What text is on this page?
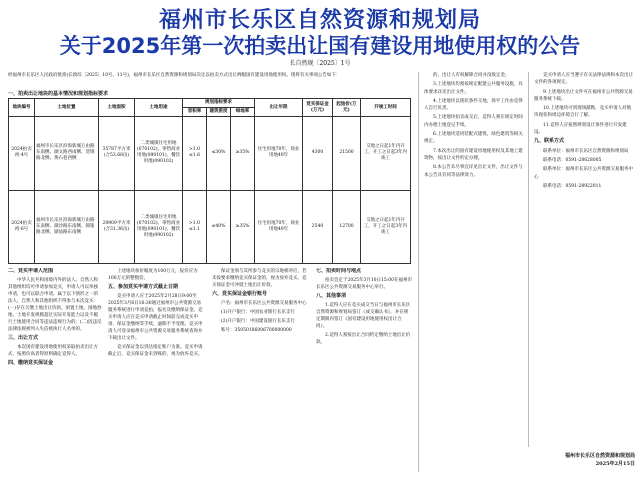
福州市长乐区自然资源和规划局
关于2025年第一次拍卖出让国有建设用地使用权的公告
长自然规〔2025〕1号
经福州市长乐区人民政府批准(长政综〔2025〕10号、11号)，福州市长乐区自然资源和规划局决定以拍卖方式出让两幅国有建设用地使用权。现将有关事项公告如下：
一、拍卖出让地块的基本情况和规划指标要求
地块编号	土地位置	土地面积	土地用途	规划指标要求			出让年限	竞买保证金(万元)	起始价(万元)	开竣工时间
				容积率	建筑密度	绿地率				
2024拍卖初-4号	福州市长乐区滨海新城万由路东南侧、湖文路西南侧、贺锦路北侧、黄石巷西侧	35787平方米(合53.68亩)	二类城镇住宅用地(070102)、零售商业用地(090101)、餐饮用地(090102)	>1.0 ≤1.6	≤30%	≥35%	住宅用地70年，商业用地40年	4300	21500	交地之日起1年内开工，开工之日起3年内竣工
2024拍卖初-6号	福州市长乐区滨海新城万由路东南侧、湖沙路东南侧、锦银路北侧、湖汕路东南侧	20909平方米(合31.36亩)	二类城镇住宅用地(070102)、零售商业用地(090101)、餐饮用地(090102)	>1.0 ≤1.1	≤40%	≥35%	住宅用地70年，商业用地40年	2540	12700	交地之日起1年内开工，开工之日起3年内竣工

二、竞买申请人范围

中华人民共和国境内外的法人、自然人和其他组织均可申请参加竞买，申请人可以单独申请，也可以联合申请。属于以下情形之一的法人、自然人和其他组织不得参与本次竞买：(一)存在欠缴土地出让价款、闲置土地、囤地炒地、土地开发规模超过实际开发能力以及不履行土地使用合同等违法违规行为的；(二)因违反法律法规被列入失信被执行人名单的。

三、出让方式

本次国有建设用地使用权采取拍卖出让方式，按照价高者得原则确定竞得人。

四、缴纳竞买保证金

上述地块加价幅度为100万元，报价应为100万元的整数倍。

五、参加竞买申请方式截止日期

竞买申请人应于2025年2月28日9:00至2025年3月6日16:30通过福州市公共资源交易服务系统进行申请竞拍，报名及缴纳保证金。竞买申请人应在竞买申请截止时间前完成竞买申请、保证金缴纳等手续，逾期不予受理。竞买申请人可登录福州市公共资源交易服务系统查询并下载出让文件。

竞买保证金以到达指定账户为准。竞买申请截止后，竞买保证金未到账的，视为放弃竞买。

保证金须与其所参与竞买的宗地相对应，若未按要求缴纳竞买保证金的，视为放弃竞买。竞买保证金可冲抵土地出让价款。

六、竞买保证金银行账号

户名：福州市长乐区公共资源交易服务中心

(1)开户银行：中国农业银行长乐支行

(2)开户银行：中国建设银行长乐支行

账号：35050186006700000000

七、拍卖时间与地点

拍卖会定于2025年3月10日15:00在福州市长乐区公共资源交易服务中心举行。

八、其他事项

1.竞得人应在竞买成交当日与福州市长乐区自然资源和规划局签订《成交确认书》，并在规定期限内签订《国有建设用地使用权出让合同》。

2.竞得人须按出让合同约定缴纳土地出让价款。

的，出让人有权解除合同并没收定金。

3.上述地块均须按规定配建公共服务设施，具体要求详见出让文件。

4.上述地块以现状条件交地，场平工作由竞得人自行负责。

5.上述地块拍卖成交后，竞得人须在规定时间内办理土地登记手续。

6.上述地块适用装配式建筑、绿色建筑等相关规定。

7.本次出让的国有建设用地使用权及其地上建筑物，按出让文件约定办理。

8.本公告未尽事宜详见出让文件，出让文件与本公告具有同等法律效力。

竞买申请人应当遵守有关法律法规和本次出让文件的各项规定。

9.上述地块出让文件可在福州市公共资源交易服务系统下载。

10.上述地块可到现场踏勘，竞买申请人对地块现状和周边环境自行了解。

11.竞得人应按照规划设计条件进行开发建设。

九、联系方式

联系单位：福州市长乐区自然资源和规划局

联系电话：0591-28628005

联系单位：福州市长乐区公共资源交易服务中心

联系电话：0591-28922011

福州市长乐区自然资源和规划局
2025年2月15日
